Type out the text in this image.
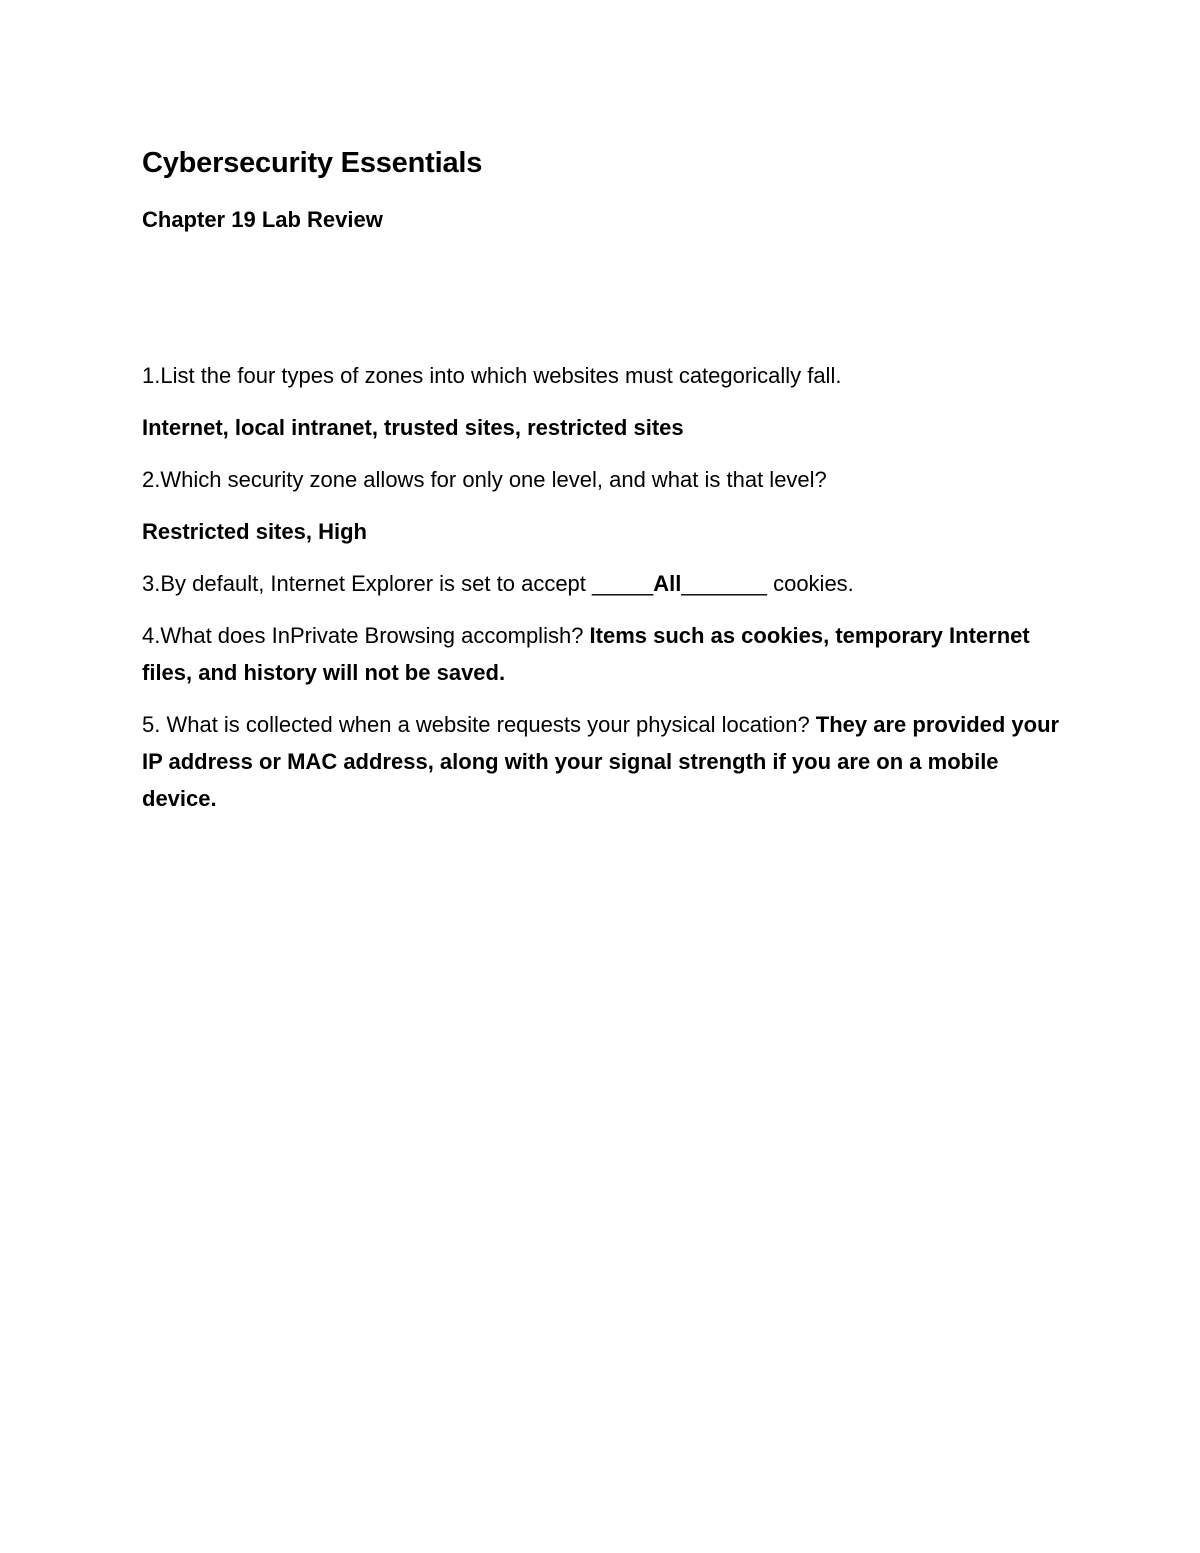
Cybersecurity Essentials
Chapter 19 Lab Review

1.List the four types of zones into which websites must categorically fall.

Internet, local intranet, trusted sites, restricted sites

2.Which security zone allows for only one level, and what is that level?

Restricted sites, High

3.By default, Internet Explorer is set to accept _____All_______ cookies.

4.What does InPrivate Browsing accomplish? Items such as cookies, temporary Internet files, and history will not be saved.

5. What is collected when a website requests your physical location? They are provided your IP address or MAC address, along with your signal strength if you are on a mobile device.
